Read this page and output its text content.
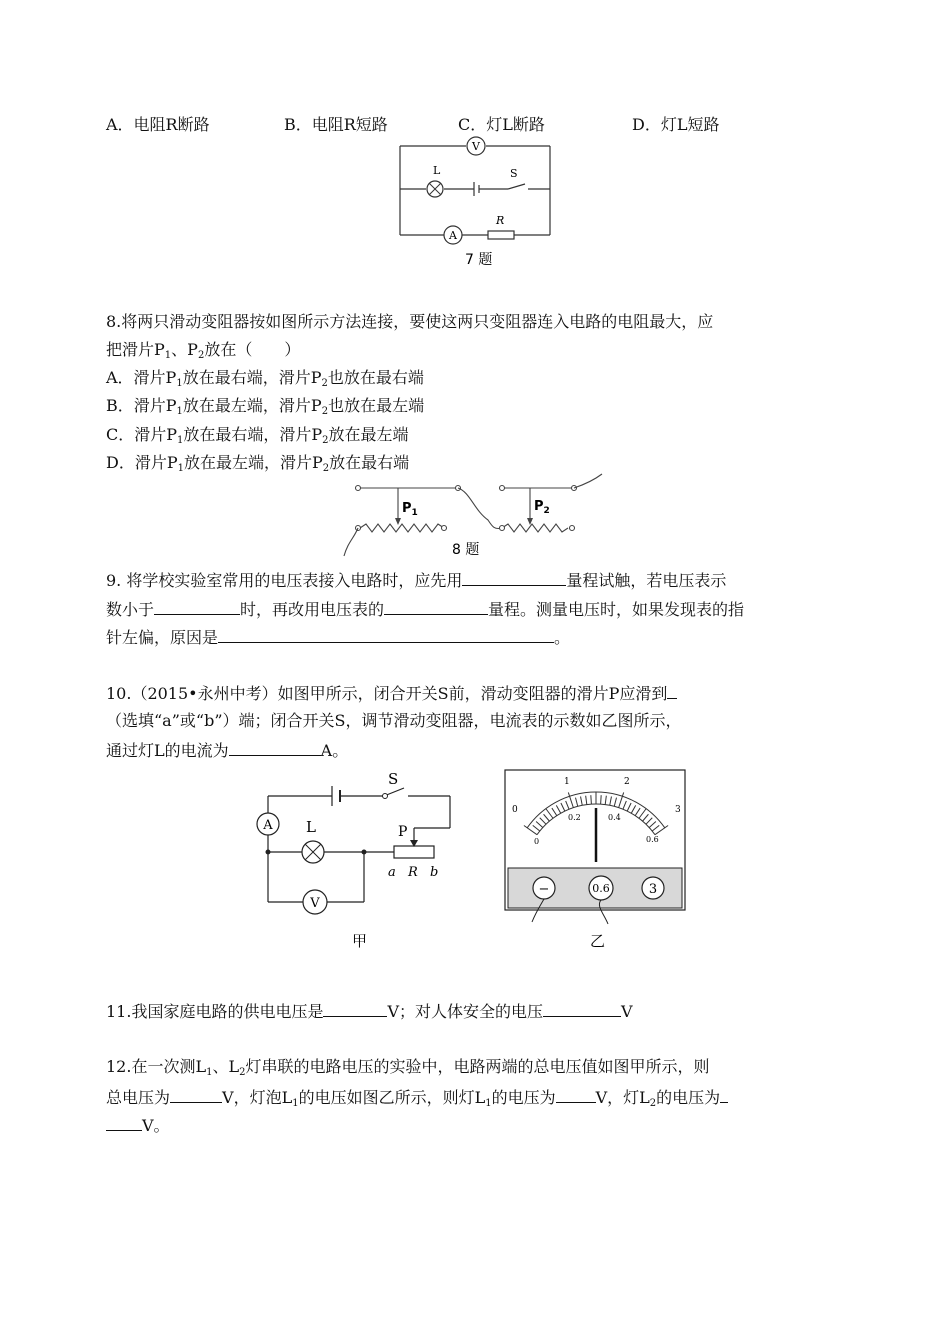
A．电阻R断路	B．电阻R短路	C．灯L断路	D．灯L短路
V
L	S
A
R
7 题
8.将两只滑动变阻器按如图所示方法连接，要使这两只变阻器连入电路的电阻最大，应
把滑片$P_1$、$P_2$放在（　　）
A．滑片$P_1$放在最右端，滑片$P_2$也放在最右端
B．滑片$P_1$放在最左端，滑片$P_2$也放在最左端
C．滑片$P_1$放在最右端，滑片$P_2$放在最左端
D．滑片$P_1$放在最左端，滑片$P_2$放在最右端
$P_1$	$P_2$
8 题
9. 将学校实验室常用的电压表接入电路时，应先用	量程试触，若电压表示
数小于	时，再改用电压表的	量程。测量电压时，如果发现表的指
针左偏，原因是	。
10.（2015•永州中考）如图甲所示，闭合开关S前，滑动变阻器的滑片P应滑到
（选填“a”或“b”）端；闭合开关S，调节滑动变阻器，电流表的示数如乙图所示，
通过灯L的电流为	A。
A
V
S
L	P
a R b
甲
0
1	2
3
0
0.2	0.4
0.6
−	0.6	3
乙
11.我国家庭电路的供电电压是	V；对人体安全的电压	V
12.在一次测$L_1$、$L_2$灯串联的电路电压的实验中，电路两端的总电压值如图甲所示，则
总电压为	V，灯泡$L_1$的电压如图乙所示，则灯$L_1$的电压为	V，灯$L_2$的电压为
V。
